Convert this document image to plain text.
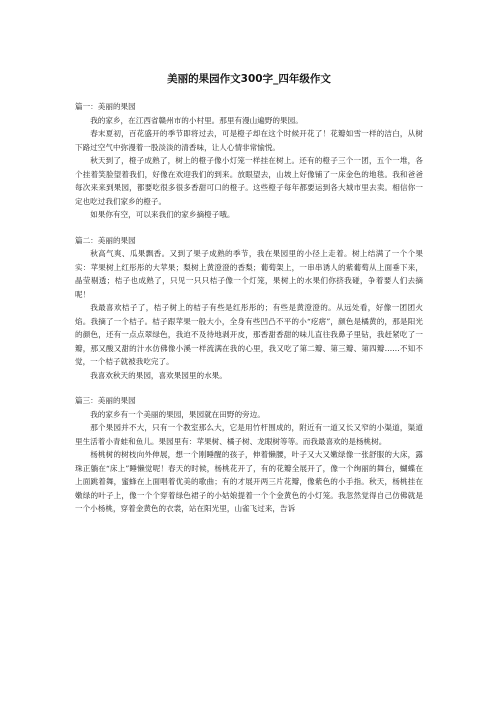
美丽的果园作文300字_四年级作文

篇一：美丽的果园

我的家乡，在江西省赣州市的小村里。那里有漫山遍野的果园。

春末夏初，百花盛开的季节即将过去，可是橙子却在这个时候开花了！花瓣如雪一样的洁白，从树下路过空气中弥漫着一股淡淡的清香味，让人心情非常愉悦。

秋天到了，橙子成熟了，树上的橙子像小灯笼一样挂在树上。还有的橙子三个一团，五个一堆，各个挂着笑脸望着我们，好像在欢迎我们的到来。放眼望去，山坡上好像铺了一床金色的地毯。我和爸爸每次来来到果园，都要吃很多很多香甜可口的橙子。这些橙子每年都要运到各大城市里去卖。相信你一定也吃过我们家乡的橙子。

如果你有空，可以来我们的家乡摘橙子哦。

篇二：美丽的果园

秋高气爽、瓜果飘香。又到了果子成熟的季节，我在果园里的小径上走着。树上结满了一个个果实：苹果树上红彤彤的大苹果；梨树上黄澄澄的香梨；葡萄架上，一串串诱人的紫葡萄从上面垂下来，晶莹剔透；桔子也成熟了，只见一只只桔子像一个灯笼，果树上的水果们你挤我碰，争着要人们去摘呢！

我最喜欢桔子了，桔子树上的桔子有些是红彤彤的；有些是黄澄澄的。从远处看，好像一团团火焰。我摘了一个桔子。桔子跟苹果一般大小，全身有些凹凸不平的小“疙瘩”，颜色是橘黄的，那是阳光的颜色，还有一点点翠绿色，我迫不及待地剥开皮，那香甜香甜的味儿直往我鼻子里钻，我赶紧吃了一瓣，那又酸又甜的汁水仿佛像小溪一样流满在我的心里，我又吃了第二瓣、第三瓣、第四瓣……不知不觉，一个桔子就被我吃完了。

我喜欢秋天的果园，喜欢果园里的水果。

篇三：美丽的果园

我的家乡有一个美丽的果园，果园就在田野的旁边。

那个果园并不大，只有一个教室那么大，它是用竹杆围成的，附近有一道又长又窄的小渠道，渠道里生活着小青蛙和鱼儿。果园里有：苹果树、橘子树、龙眼树等等。而我最喜欢的是杨桃树。

杨桃树的树枝向外伸展，想一个刚睡醒的孩子，伸着懒腰，叶子又大又嫩绿像一张舒服的大床，露珠正躺在“床上”睡懒觉呢！春天的时候，杨桃花开了，有的花瓣全展开了，像一个绚丽的舞台，蝴蝶在上面跳着舞，蜜蜂在上面唱着优美的歌曲；有的才展开两三片花瓣，像紫色的小手指。秋天，杨桃挂在嫩绿的叶子上，像一个个穿着绿色裙子的小姑娘提着一个个金黄色的小灯笼。我忽然觉得自己仿佛就是一个小杨桃，穿着金黄色的衣裳，站在阳光里，山雀飞过来，告诉
